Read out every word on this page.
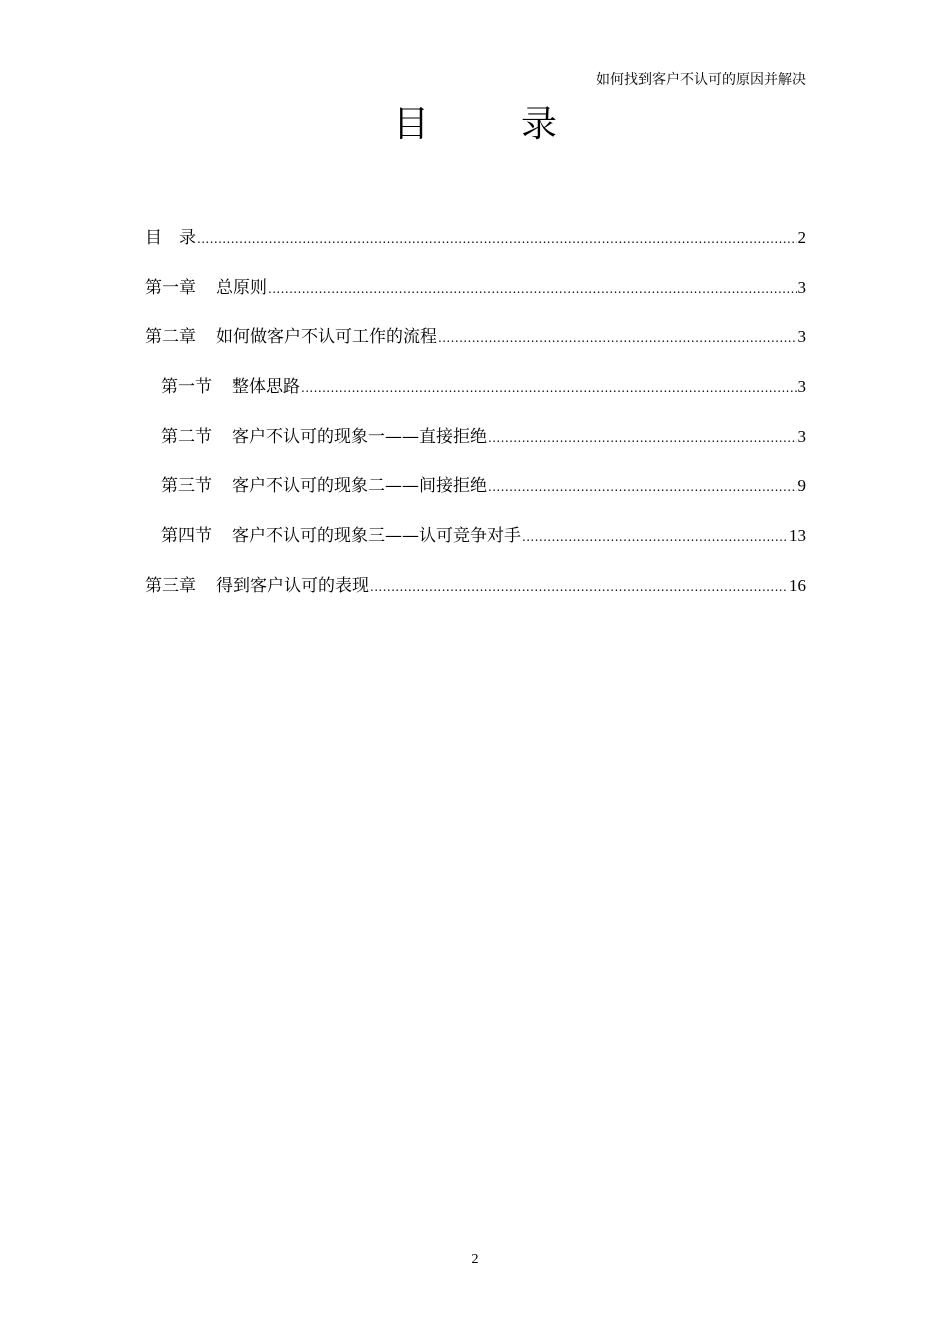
如何找到客户不认可的原因并解决
目　录
目　录 .....	2
第一章 总原则 .....	3
第二章 如何做客户不认可工作的流程 .....	3
第一节 整体思路 .....	3
第二节 客户不认可的现象一——直接拒绝 .....	3
第三节 客户不认可的现象二——间接拒绝 .....	9
第四节 客户不认可的现象三——认可竞争对手 .....	13
第三章 得到客户认可的表现 .....	16
2
